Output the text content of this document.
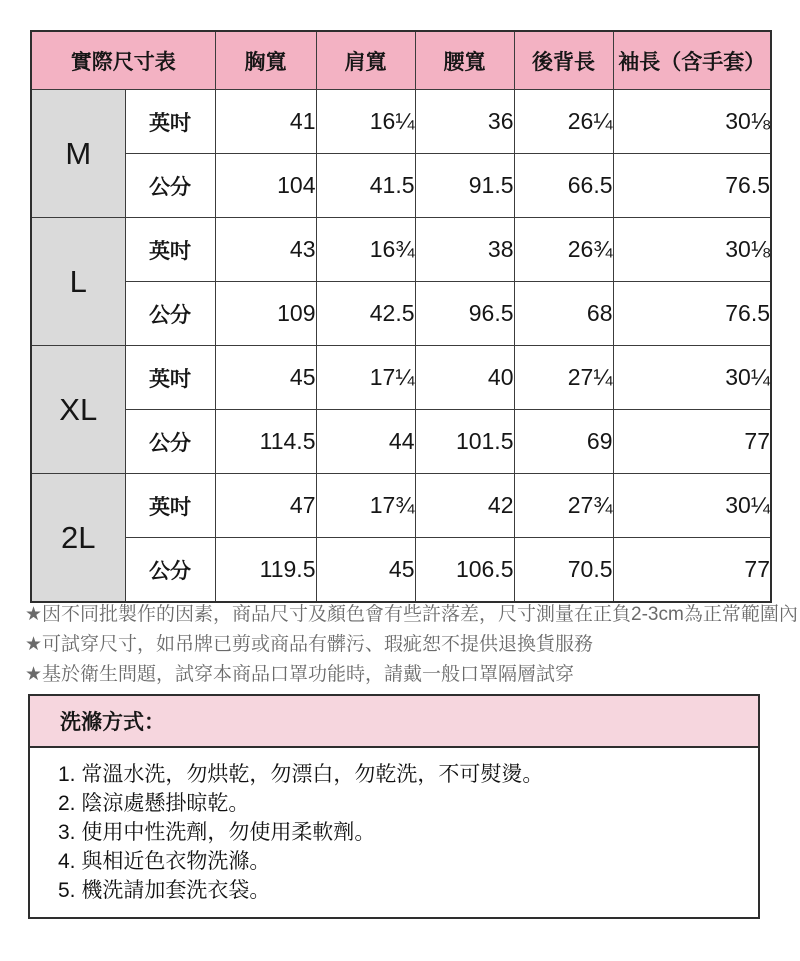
實際尺寸表		胸寬	肩寬	腰寬	後背長	袖長（含手套）
M	英吋	41	16¼	36	26¼	30⅛
	公分	104	41.5	91.5	66.5	76.5
L	英吋	43	16¾	38	26¾	30⅛
	公分	109	42.5	96.5	68	76.5
XL	英吋	45	17¼	40	27¼	30¼
	公分	114.5	44	101.5	69	77
2L	英吋	47	17¾	42	27¾	30¼
	公分	119.5	45	106.5	70.5	77
★因不同批製作的因素，商品尺寸及顏色會有些許落差，尺寸測量在正負2-3cm為正常範圍內
★可試穿尺寸，如吊牌已剪或商品有髒污、瑕疵恕不提供退換貨服務
★基於衛生問題，試穿本商品口罩功能時，請戴一般口罩隔層試穿
洗滌方式：
1. 常溫水洗，勿烘乾，勿漂白，勿乾洗，不可熨燙。
2. 陰涼處懸掛晾乾。
3. 使用中性洗劑，勿使用柔軟劑。
4. 與相近色衣物洗滌。
5. 機洗請加套洗衣袋。
